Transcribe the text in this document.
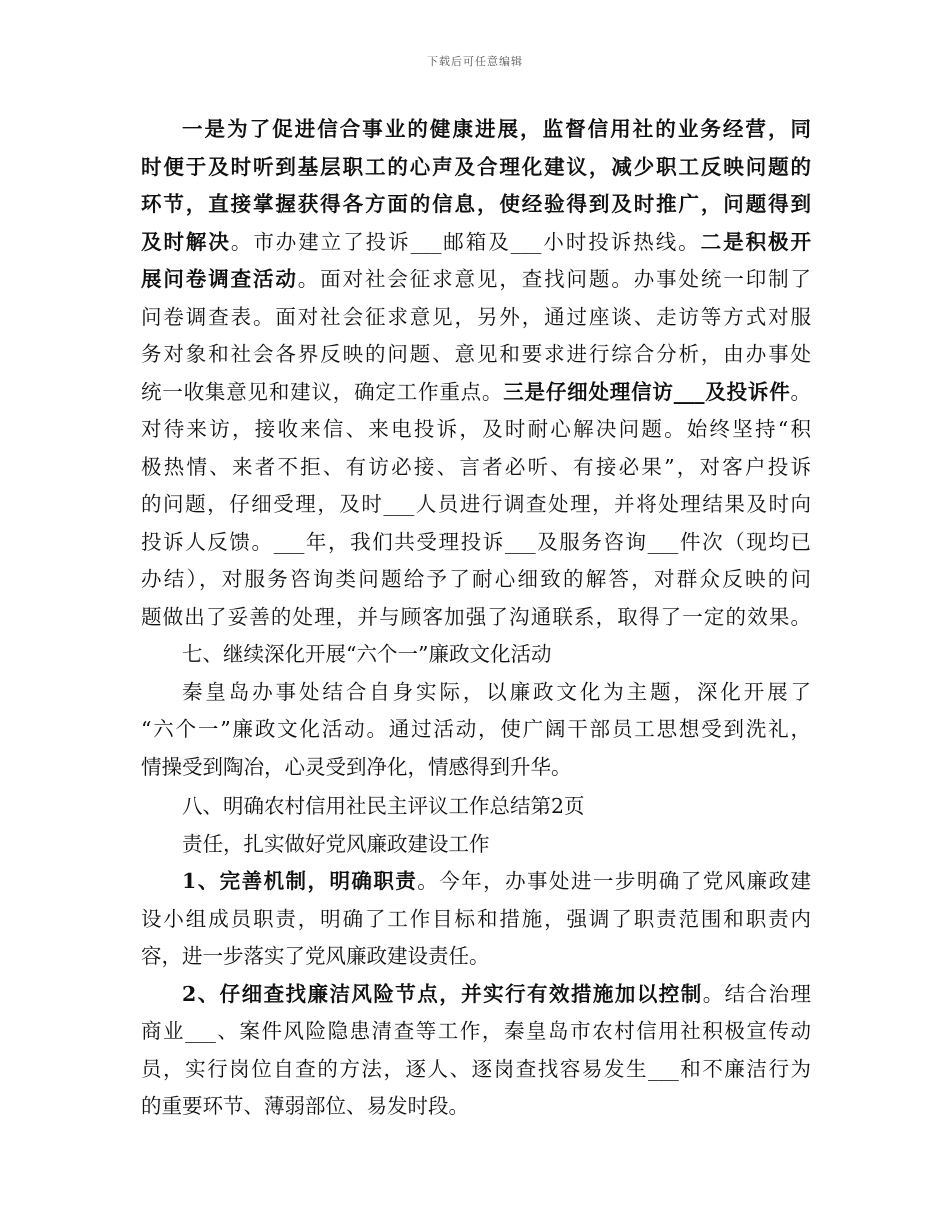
下载后可任意编辑
一是为了促进信合事业的健康进展，监督信用社的业务经营，同
时便于及时听到基层职工的心声及合理化建议，减少职工反映问题的
环节，直接掌握获得各方面的信息，使经验得到及时推广，问题得到
及时解决。市办建立了投诉___邮箱及___小时投诉热线。二是积极开
展问卷调查活动。面对社会征求意见，查找问题。办事处统一印制了
问卷调查表。面对社会征求意见，另外，通过座谈、走访等方式对服
务对象和社会各界反映的问题、意见和要求进行综合分析，由办事处
统一收集意见和建议，确定工作重点。三是仔细处理信访___及投诉件。
对待来访，接收来信、来电投诉，及时耐心解决问题。始终坚持“积
极热情、来者不拒、有访必接、言者必听、有接必果”，对客户投诉
的问题，仔细受理，及时___人员进行调查处理，并将处理结果及时向
投诉人反馈。___年，我们共受理投诉___及服务咨询___件次（现均已
办结），对服务咨询类问题给予了耐心细致的解答，对群众反映的问
题做出了妥善的处理，并与顾客加强了沟通联系，取得了一定的效果。
七、继续深化开展“六个一”廉政文化活动
秦皇岛办事处结合自身实际，以廉政文化为主题，深化开展了
“六个一”廉政文化活动。通过活动，使广阔干部员工思想受到洗礼，
情操受到陶冶，心灵受到净化，情感得到升华。
八、明确农村信用社民主评议工作总结第2页
责任，扎实做好党风廉政建设工作
1、完善机制，明确职责。今年，办事处进一步明确了党风廉政建
设小组成员职责，明确了工作目标和措施，强调了职责范围和职责内
容，进一步落实了党风廉政建设责任。
2、仔细查找廉洁风险节点，并实行有效措施加以控制。结合治理
商业___、案件风险隐患清查等工作，秦皇岛市农村信用社积极宣传动
员，实行岗位自查的方法，逐人、逐岗查找容易发生___和不廉洁行为
的重要环节、薄弱部位、易发时段。
